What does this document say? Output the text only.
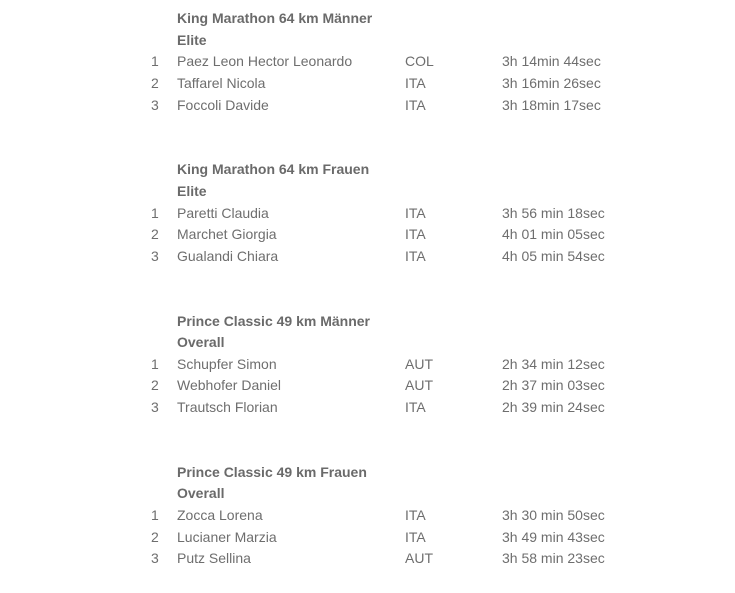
King Marathon 64 km Männer
Elite
1 Paez Leon Hector Leonardo	COL	3h 14min 44sec
2 Taffarel Nicola	ITA	3h 16min 26sec
3 Foccoli Davide	ITA	3h 18min 17sec
King Marathon 64 km Frauen
Elite
1 Paretti Claudia	ITA	3h 56 min 18sec
2 Marchet Giorgia	ITA	4h 01 min 05sec
3 Gualandi Chiara	ITA	4h 05 min 54sec
Prince Classic 49 km Männer
Overall
1 Schupfer Simon	AUT	2h 34 min 12sec
2 Webhofer Daniel	AUT	2h 37 min 03sec
3 Trautsch Florian	ITA	2h 39 min 24sec
Prince Classic 49 km Frauen
Overall
1 Zocca Lorena	ITA	3h 30 min 50sec
2 Lucianer Marzia	ITA	3h 49 min 43sec
3 Putz Sellina	AUT	3h 58 min 23sec
